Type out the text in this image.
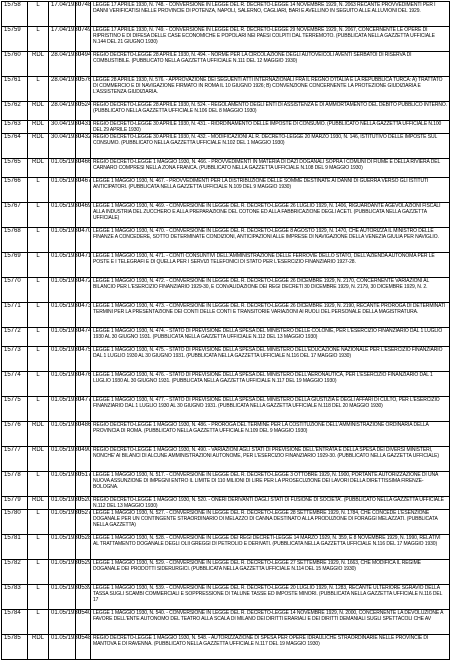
15758	L	17.04/1930	0748	LEGGE 17 APRILE 1930, N. 748. - CONVERSIONE IN LEGGE DEL R. DECRETO-LEGGE 14 NOVEMBRE 1929, N. 2063 RECANTE PROVVEDIMENTI PER I DANNI VERIFICATISI NELLE PROVINCIE DI POTENZA, NAPOLI, SALERNO, CAGLIARI, BARI E AVELLINO IN SEGUITO ALLE ALLUVIONI DEL 1929.
15759	L	17.04/1930	0749	LEGGE 17 APRILE 1930, N. 749. - CONVERSIONE IN LEGGE DEL R. DECRETO-LEGGE 29 NOVEMBRE 1929, N. 2067, CONCERNENTE LE OPERE DI RIPRISTINO E DI DIFESA DELLE CASE ECONOMICHE E POPOLARI NEI PAESI COLPITI DAL TERREMOTO. (PUBBLICATA NELLA GAZZETTA UFFICIALE N.144 DEL 21 GIUGNO 1930)
15760	RDL	28.04/1930	0494	REGIO DECRETO-LEGGE 28 APRILE 1930, N. 494. - NORME PER LA CIRCOLAZIONE DEGLI AUTOVEICOLI AVENTI SERBATOI DI RISERVA DI COMBUSTIBILE. (PUBBLICATO NELLA GAZZETTA UFFICIALE N.111 DEL 12 MAGGIO 1930)
15761	L	28.04/1930	0576	LEGGE 28 APRILE 1930, N. 576. - APPROVAZIONE DEI SEGUENTI ATTI INTERNAZIONALI FRA IL REGNO D'ITALIA E LA REPUBBLICA TURCA: A) TRATTATO DI COMMERCIO E DI NAVIGAZIONE FIRMATO IN ROMA IL 10 GIUGNO 1926; B) CONVENZIONE CONCERNENTE LA PROTEZIONE GIUDIZIARIA E L'ASSISTENZA GIUDIZIARIA.
15762	RDL	28.04/1930	0524	REGIO DECRETO-LEGGE 28 APRILE 1930, N. 524. - REGOLAMENTO DEGLI ENTI DI ASSISTENZA E DI AMMORTAMENTO DEL DEBITO PUBBLICO INTERNO. (PUBBLICATO NELLA GAZZETTA UFFICIALE N.106 DEL 8 MAGGIO 1930)
15763	RDL	30.04/1930	0431	REGIO DECRETO-LEGGE 30 APRILE 1930, N. 431. - RIORDINAMENTO DELLE IMPOSTE DI CONSUMO. (PUBBLICATO NELLA GAZZETTA UFFICIALE N.100 DEL 29 APRILE 1930)
15764	RDL	30.04/1930	0432	REGIO DECRETO-LEGGE 30 APRILE 1930, N. 432. - MODIFICAZIONI AL R. DECRETO-LEGGE 20 MARZO 1930, N. 146, ISTITUTIVO DELLE IMPOSTE SUL CONSUMO. (PUBBLICATO NELLA GAZZETTA UFFICIALE N.102 DEL 1 MAGGIO 1930)
15765	RDL	01.05/1930	0466	REGIO DECRETO-LEGGE 1 MAGGIO 1930, N. 466. - PROVVEDIMENTI IN MATERIA DI DAZI DOGANALI SOPRA I COMUNI DI FIUME E DELLA RIVIERA DEL CARNARO COMPRESI NELLA ZONA FRANCA. (PUBBLICATO NELLA GAZZETTA UFFICIALE N.108 DEL 9 MAGGIO 1930)
15766	L	01.05/1930	0467	LEGGE 1 MAGGIO 1930, N. 467. - PROVVEDIMENTI PER LA DISTRIBUZIONE DELLE SOMME DESTINATE AI DANNI DI GUERRA VERSO GLI ISTITUTI ANTICIPATORI. (PUBBLICATA NELLA GAZZETTA UFFICIALE N.109 DEL 9 MAGGIO 1930)
15767	L	01.05/1930	0469	LEGGE 1 MAGGIO 1930, N. 469. - CONVERSIONE IN LEGGE DEL R. DECRETO-LEGGE 26 LUGLIO 1929, N. 1406, RIGUARDANTE AGEVOLAZIONI FISCALI ALLA INDUSTRIA DEL ZUCCHERO E ALLA PREPARAZIONE DEL COTONE ED ALLA FABBRICAZIONE DEGLI ACETI. (PUBBLICATA NELLA GAZZETTA UFFICIALE)
15768	L	01.05/1930	0470	LEGGE 1 MAGGIO 1930, N. 470. - CONVERSIONE IN LEGGE DEL R. DECRETO-LEGGE 8 AGOSTO 1929, N. 1470, CHE AUTORIZZA IL MINISTRO DELLE FINANZE A CONCEDERE, SOTTO DETERMINATE CONDIZIONI, ANTICIPAZIONI ALLE IMPRESE DI NAVIGAZIONE DELLA VENEZIA GIULIA PER NAVIGLIO.
15769	L	01.05/1930	0471	LEGGE 1 MAGGIO 1930, N. 471. - CONTI CONSUNTIVI DELL'AMMINISTRAZIONE DELLE FERROVIE DELLO STATO, DELL'AZIENDA AUTONOMA PER LE POSTE E I TELEGRAFI E DI QUELLA PER I SERVIZI TELEFONICI DI STATO PER L'ESERCIZIO FINANZIARIO 1927-28.
15770	L	01.05/1930	0472	LEGGE 1 MAGGIO 1930, N. 472. - CONVERSIONE IN LEGGE DEL R. DECRETO-LEGGE 26 DICEMBRE 1929, N. 2170, CONCERNENTE VARIAZIONI AL BILANCIO PER L'ESERCIZIO FINANZIARIO 1929-30, E CONVALIDAZIONE DEI REGI DECRETI 30 DICEMBRE 1929, N. 2179, 30 DICEMBRE 1929, N. 2.
15771	L	01.05/1930	0473	LEGGE 1 MAGGIO 1930, N. 473. - CONVERSIONE IN LEGGE DEL R. DECRETO-LEGGE 26 DICEMBRE 1929, N. 2190, RECANTE PROROGA DI DETERMINATI TERMINI PER LA PRESENTAZIONE DEI CONTI DELLE CONTI E TRANSITORIE VARIAZIONI AI RUOLI DEL PERSONALE DELLA MAGISTRATURA.
15772	L	01.05/1930	0474	LEGGE 1 MAGGIO 1930, N. 474. - STATO DI PREVISIONE DELLA SPESA DEL MINISTERO DELLE COLONIE, PER L'ESERCIZIO FINANZIARIO DAL 1 LUGLIO 1930 AL 30 GIUGNO 1931. (PUBBLICATA NELLA GAZZETTA UFFICIALE N.112 DEL 13 MAGGIO 1930)
15773	L	01.05/1930	0475	LEGGE 1 MAGGIO 1930, N. 475. - STATO DI PREVISIONE DELLA SPESA DEL MINISTERO DELL'EDUCAZIONE NAZIONALE PER L'ESERCIZIO FINANZIARIO DAL 1 LUGLIO 1930 AL 30 GIUGNO 1931. (PUBBLICATA NELLA GAZZETTA UFFICIALE N.116 DEL 17 MAGGIO 1930)
15774	L	01.05/1930	0476	LEGGE 1 MAGGIO 1930, N. 476. - STATO DI PREVISIONE DELLA SPESA DEL MINISTERO DELL'AERONAUTICA, PER L'ESERCIZIO FINANZIARIO DAL 1 LUGLIO 1930 AL 30 GIUGNO 1931. (PUBBLICATA NELLA GAZZETTA UFFICIALE N.117 DEL 19 MAGGIO 1930)
15775	L	01.05/1930	0477	LEGGE 1 MAGGIO 1930, N. 477. - STATO DI PREVISIONE DELLA SPESA DEL MINISTERO DELLA GIUSTIZIA E DEGLI AFFARI DI CULTO, PER L'ESERCIZIO FINANZIARIO DAL 1 LUGLIO 1930 AL 30 GIUGNO 1931. (PUBBLICATA NELLA GAZZETTA UFFICIALE N.118 DEL 20 MAGGIO 1930)
15776	RDL	01.05/1930	0486	REGIO DECRETO-LEGGE 1 MAGGIO 1930, N. 486. - PROROGA DEL TERMINE PER LA COSTITUZIONE DELL'AMMINISTRAZIONE ORDINARIA DELLA PROVINCIA DI ROMA. (PUBBLICATO NELLA GAZZETTA UFFICIALE N.109 DEL 9 MAGGIO 1930)
15777	RDL	01.05/1930	0490	REGIO DECRETO-LEGGE 1 MAGGIO 1930, N. 490. - VARIAZIONI AGLI STATI DI PREVISIONE DELL'ENTRATA E DELLA SPESA DEI DIVERSI MINISTERI, NONCHE' AI BILANCI DI ALCUNE AMMINISTRAZIONI AUTONOME, PER L'ESERCIZIO FINANZIARIO 1929-30. (PUBBLICATO NELLA GAZZETTA UFFICIALE)
15778	L	01.05/1930	0517	LEGGE 1 MAGGIO 1930, N. 517. - CONVERSIONE IN LEGGE DEL R. DECRETO-LEGGE 3 OTTOBRE 1929, N. 1900, PORTANTE AUTORIZZAZIONE DI UNA NUOVA ASSUNZIONE DI IMPEGNI ENTRO IL LIMITE DI 110 MILIONI DI LIRE PER LA PROSECUZIONE DEI LAVORI DELLA DIRETTISSIMA FIRENZE-BOLOGNA.
15779	RDL	01.05/1930	0520	REGIO DECRETO-LEGGE 1 MAGGIO 1930, N. 520. - ONERI DERIVANTI DAGLI STATI DI FUSIONE DI SOCIETA'. (PUBBLICATO NELLA GAZZETTA UFFICIALE N.112 DEL 13 MAGGIO 1930)
15780	L	01.05/1930	0527	LEGGE 1 MAGGIO 1930, N. 527. - CONVERSIONE IN LEGGE DEL R. DECRETO-LEGGE 28 SETTEMBRE 1929, N. 1784, CHE CONCEDE L'ESENZIONE DOGANALE PER UN CONTINGENTE STRAORDINARIO DI MELAZZO DI CANNA DESTINATO ALLA PRODUZIONE DI FORAGGI MELAZZATI. (PUBBLICATA NELLA GAZZETTA)
15781	L	01.05/1930	0528	LEGGE 1 MAGGIO 1930, N. 528. - CONVERSIONE IN LEGGE DEI REGI DECRETI-LEGGE 14 MARZO 1929, N. 359, E 8 NOVEMBRE 1929, N. 1990, RELATIVI AL TRATTAMENTO DOGANALE DEGLI OLII GREGGI DI PETROLIO E DERIVATI. (PUBBLICATA NELLA GAZZETTA UFFICIALE N.116 DEL 17 MAGGIO 1930)
15782	L	01.05/1930	0529	LEGGE 1 MAGGIO 1930, N. 529. - CONVERSIONE IN LEGGE DEL R. DECRETO-LEGGE 27 SETTEMBRE 1929, N. 1663, CHE MODIFICA IL REGIME DOGANALE DEI PRODOTTI SIDERURGICI. (PUBBLICATA NELLA GAZZETTA UFFICIALE N.114 DEL 15 MAGGIO 1930)
15783	L	01.05/1930	0539	LEGGE 1 MAGGIO 1930, N. 539. - CONVERSIONE IN LEGGE DEL R. DECRETO-LEGGE 20 LUGLIO 1929, N. 1283, RECANTE ULTERIORE SGRAVIO DELLA TASSA SUGLI SCAMBI COMMERCIALI E SOPPRESSIONE DI TALUNE TASSE ED IMPOSTE MINORI. (PUBBLICATA NELLA GAZZETTA UFFICIALE N.116 DEL 17
15784	L	01.05/1930	0540	LEGGE 1 MAGGIO 1930, N. 540. - CONVERSIONE IN LEGGE DEL R. DECRETO-LEGGE 14 NOVEMBRE 1929, N. 2000, CONCERNENTE LA DEVOLUZIONE A FAVORE DELL'ENTE AUTONOMO DEL TEATRO ALLA SCALA DI MILANO DEI DIRITTI ERARIALI E DEI DIRITTI DEMANIALI SUGLI SPETTACOLI CHE AV
15785	RDL	01.05/1930	0548	REGIO DECRETO-LEGGE 1 MAGGIO 1930, N. 548. - AUTORIZZAZIONE DI SPESA PER OPERE IDRAULICHE STRAORDINARIE NELLE PROVINCIE DI MANTOVA E DI RAVENNA. (PUBBLICATO NELLA GAZZETTA UFFICIALE N.117 DEL 19 MAGGIO 1930)
